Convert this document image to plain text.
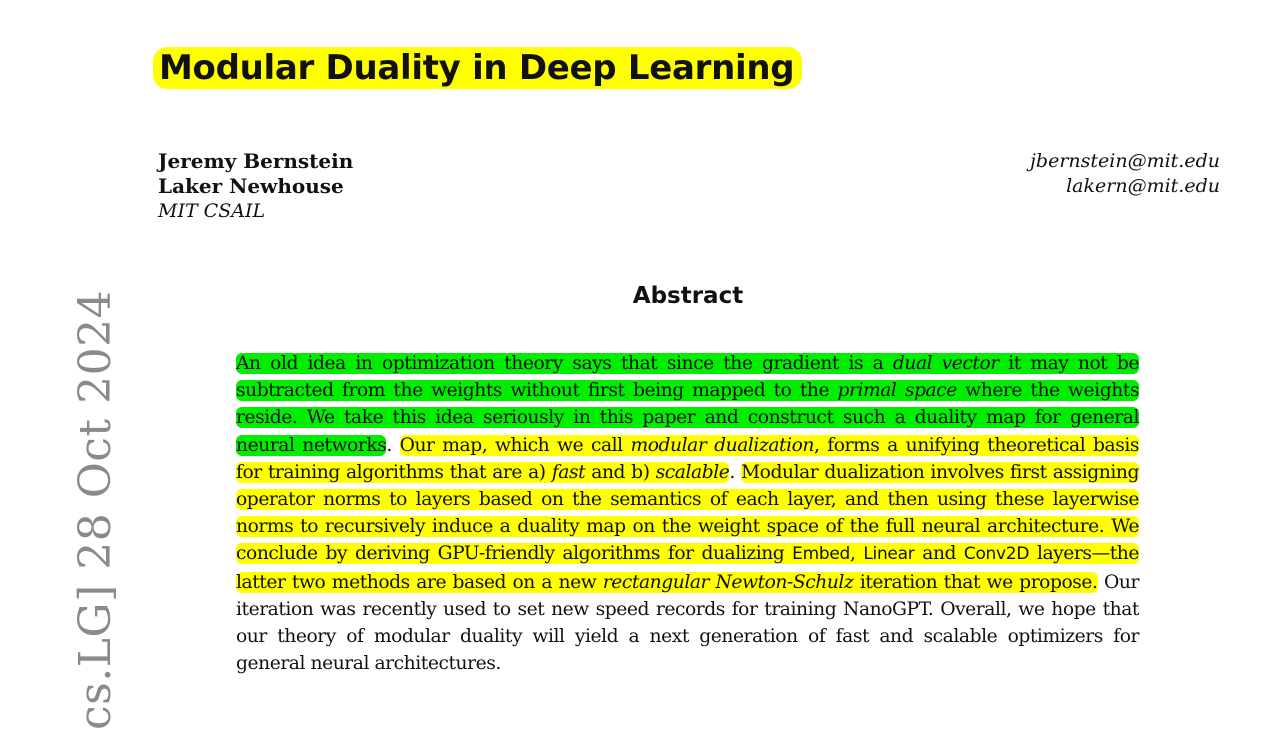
Modular Duality in Deep Learning
Jeremy Bernstein
Laker Newhouse
MIT CSAIL
jbernstein@mit.edu
lakern@mit.edu
Abstract

An old idea in optimization theory says that since the gradient is a dual vector it may not be subtracted from the weights without first being mapped to the primal space where the weights reside. We take this idea seriously in this paper and construct such a duality map for general neural networks. Our map, which we call modular dualization, forms a unifying theoretical basis for training algorithms that are a) fast and b) scalable. Modular dualization involves first assigning operator norms to layers based on the semantics of each layer, and then using these layerwise norms to recursively induce a duality map on the weight space of the full neural architecture. We conclude by deriving GPU-friendly algorithms for dualizing Embed, Linear and Conv2D layers—the latter two methods are based on a new rectangular Newton-Schulz iteration that we propose. Our iteration was recently used to set new speed records for training NanoGPT. Overall, we hope that our theory of modular duality will yield a next generation of fast and scalable optimizers for general neural architectures.

cs.LG] 28 Oct 2024
